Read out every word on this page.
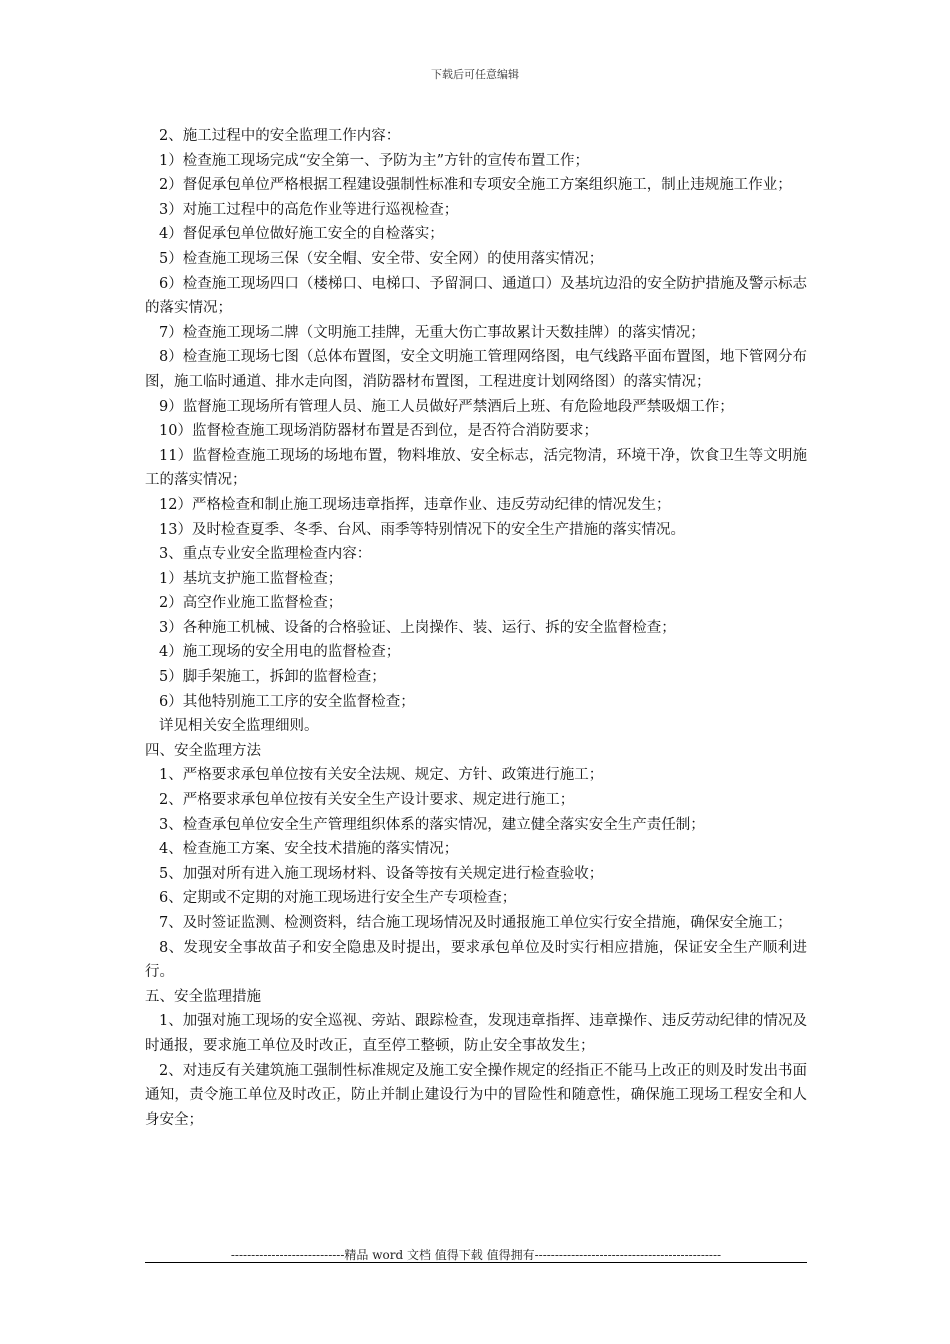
下载后可任意编辑

2、施工过程中的安全监理工作内容：

1）检查施工现场完成“安全第一、予防为主”方针的宣传布置工作；

2）督促承包单位严格根据工程建设强制性标准和专项安全施工方案组织施工，制止违规施工作业；

3）对施工过程中的高危作业等进行巡视检查；

4）督促承包单位做好施工安全的自检落实；

5）检查施工现场三保（安全帽、安全带、安全网）的使用落实情况；

6）检查施工现场四口（楼梯口、电梯口、予留洞口、通道口）及基坑边沿的安全防护措施及警示标志的落实情况；

7）检查施工现场二牌（文明施工挂牌，无重大伤亡事故累计天数挂牌）的落实情况；

8）检查施工现场七图（总体布置图，安全文明施工管理网络图，电气线路平面布置图，地下管网分布图，施工临时通道、排水走向图，消防器材布置图，工程进度计划网络图）的落实情况；

9）监督施工现场所有管理人员、施工人员做好严禁酒后上班、有危险地段严禁吸烟工作；

10）监督检查施工现场消防器材布置是否到位，是否符合消防要求；

11）监督检查施工现场的场地布置，物料堆放、安全标志，活完物清，环境干净，饮食卫生等文明施工的落实情况；

12）严格检查和制止施工现场违章指挥，违章作业、违反劳动纪律的情况发生；

13）及时检查夏季、冬季、台风、雨季等特别情况下的安全生产措施的落实情况。

3、重点专业安全监理检查内容：

1）基坑支护施工监督检查；

2）高空作业施工监督检查；

3）各种施工机械、设备的合格验证、上岗操作、装、运行、拆的安全监督检查；

4）施工现场的安全用电的监督检查；

5）脚手架施工，拆卸的监督检查；

6）其他特别施工工序的安全监督检查；

详见相关安全监理细则。

四、安全监理方法

1、严格要求承包单位按有关安全法规、规定、方针、政策进行施工；

2、严格要求承包单位按有关安全生产设计要求、规定进行施工；

3、检查承包单位安全生产管理组织体系的落实情况，建立健全落实安全生产责任制；

4、检查施工方案、安全技术措施的落实情况；

5、加强对所有进入施工现场材料、设备等按有关规定进行检查验收；

6、定期或不定期的对施工现场进行安全生产专项检查；

7、及时签证监测、检测资料，结合施工现场情况及时通报施工单位实行安全措施，确保安全施工；

8、发现安全事故苗子和安全隐患及时提出，要求承包单位及时实行相应措施，保证安全生产顺利进行。

五、安全监理措施

1、加强对施工现场的安全巡视、旁站、跟踪检查，发现违章指挥、违章操作、违反劳动纪律的情况及时通报，要求施工单位及时改正，直至停工整顿，防止安全事故发生；

2、对违反有关建筑施工强制性标准规定及施工安全操作规定的经指正不能马上改正的则及时发出书面通知，责令施工单位及时改正，防止并制止建设行为中的冒险性和随意性，确保施工现场工程安全和人身安全；

----------------------------精品 word 文档 值得下载 值得拥有----------------------------------------------
